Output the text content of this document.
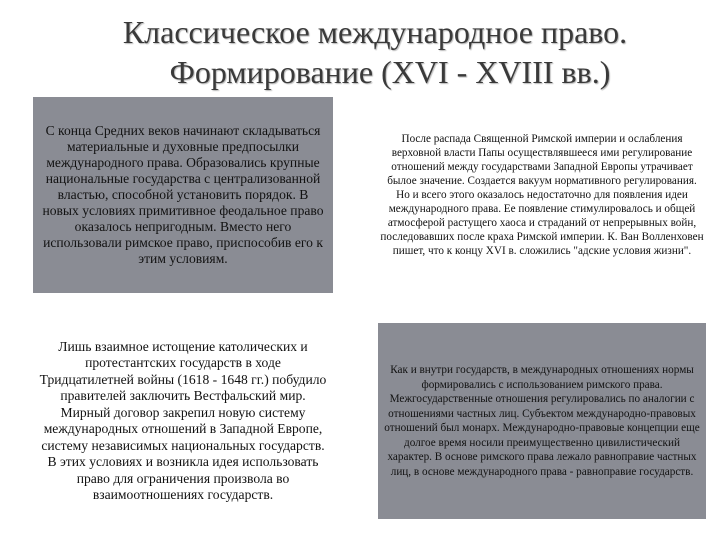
Классическое международное право.
Формирование (XVI - XVIII вв.)
С конца Средних веков начинают складываться материальные и духовные предпосылки международного права. Образовались крупные национальные государства с централизованной властью, способной установить порядок. В новых условиях примитивное феодальное право оказалось непригодным. Вместо него использовали римское право, приспособив его к этим условиям.
После распада Священной Римской империи и ослабления верховной власти Папы осуществлявшееся ими регулирование отношений между государствами Западной Европы утрачивает былое значение. Создается вакуум нормативного регулирования. Но и всего этого оказалось недостаточно для появления идеи международного права. Ее появление стимулировалось и общей атмосферой растущего хаоса и страданий от непрерывных войн, последовавших после краха Римской империи. К. Ван Волленховен пишет, что к концу XVI в. сложились "адские условия жизни".
Лишь взаимное истощение католических и протестантских государств в ходе Тридцатилетней войны (1618 - 1648 гг.) побудило правителей заключить Вестфальский мир. Мирный договор закрепил новую систему международных отношений в Западной Европе, систему независимых национальных государств. В этих условиях и возникла идея использовать право для ограничения произвола во взаимоотношениях государств.
Как и внутри государств, в международных отношениях нормы формировались с использованием римского права. Межгосударственные отношения регулировались по аналогии с отношениями частных лиц. Субъектом международно-правовых отношений был монарх. Международно-правовые концепции еще долгое время носили преимущественно цивилистический характер. В основе римского права лежало равноправие частных лиц, в основе международного права - равноправие государств.
